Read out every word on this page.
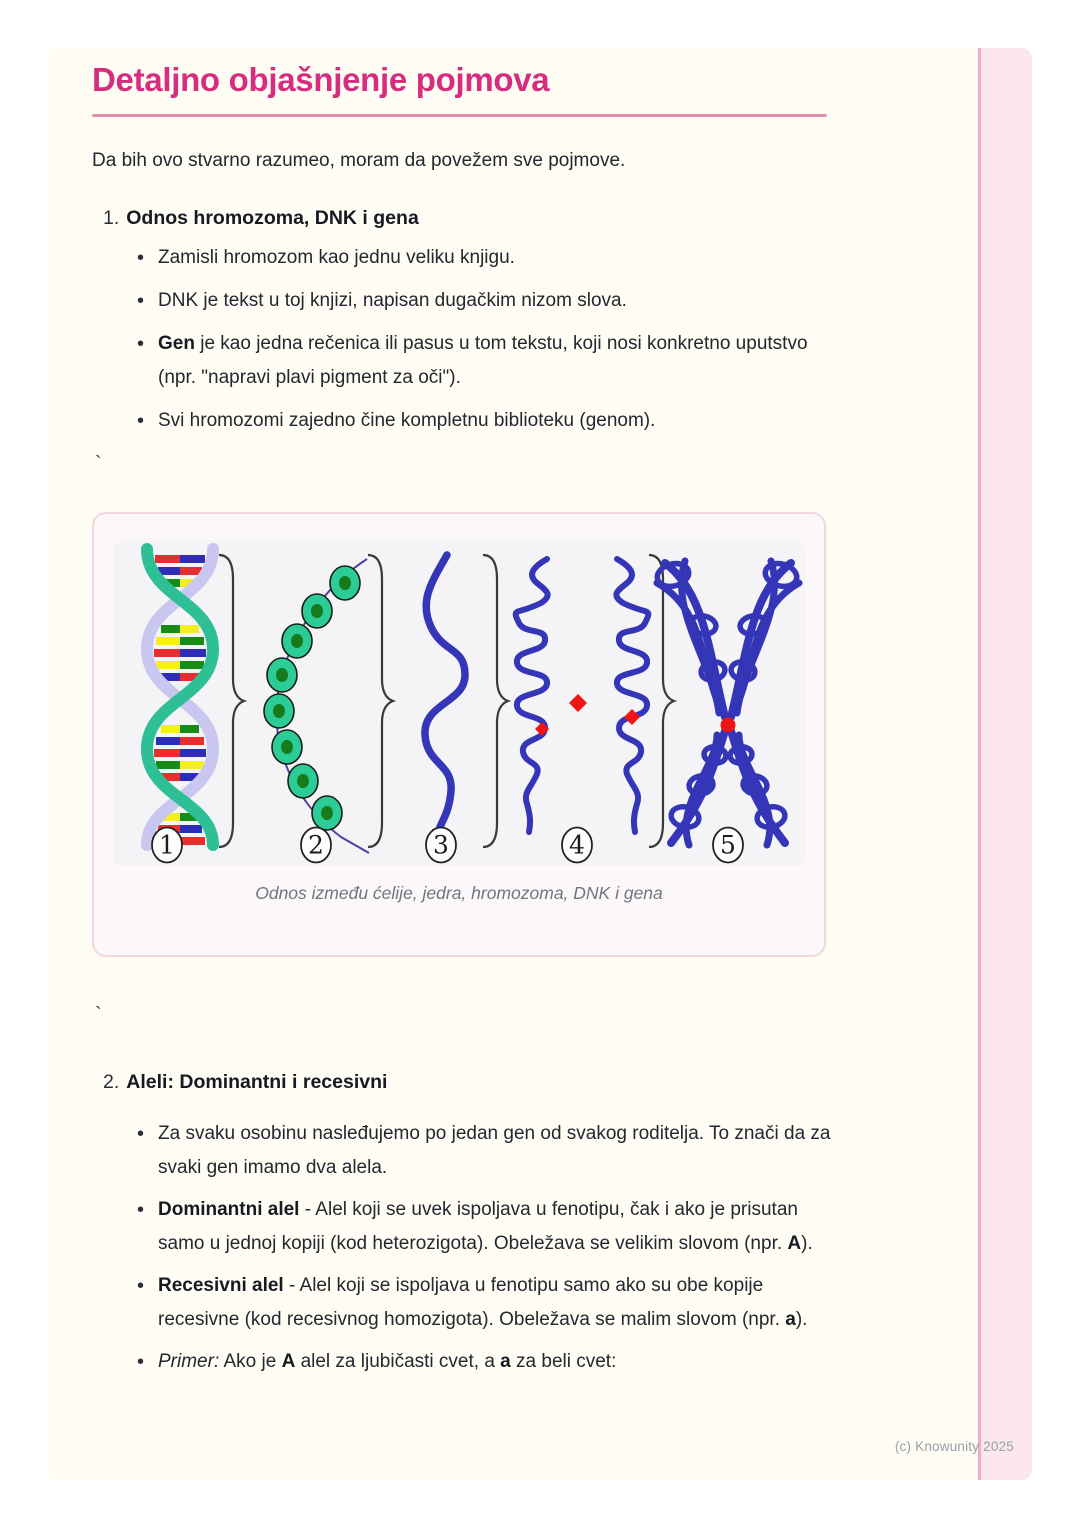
(c) Knowunity 2025
Detaljno objašnjenje pojmova

Da bih ovo stvarno razumeo, moram da povežem sve pojmove.

1. Odnos hromozoma, DNK i gena
• Zamisli hromozom kao jednu veliku knjigu.
• DNK je tekst u toj knjizi, napisan dugačkim nizom slova.
• Gen je kao jedna rečenica ili pasus u tom tekstu, koji nosi konkretno uputstvo (npr. "napravi plavi pigment za oči").
• Svi hromozomi zajedno čine kompletnu biblioteku (genom).
`
1	2	3	4	5
Odnos između ćelije, jedra, hromozoma, DNK i gena
`
2. Aleli: Dominantni i recesivni
• Za svaku osobinu nasleđujemo po jedan gen od svakog roditelja. To znači da za svaki gen imamo dva alela.
• Dominantni alel - Alel koji se uvek ispoljava u fenotipu, čak i ako je prisutan samo u jednoj kopiji (kod heterozigota). Obeležava se velikim slovom (npr. A).
• Recesivni alel - Alel koji se ispoljava u fenotipu samo ako su obe kopije recesivne (kod recesivnog homozigota). Obeležava se malim slovom (npr. a).
• Primer: Ako je A alel za ljubičasti cvet, a a za beli cvet:
